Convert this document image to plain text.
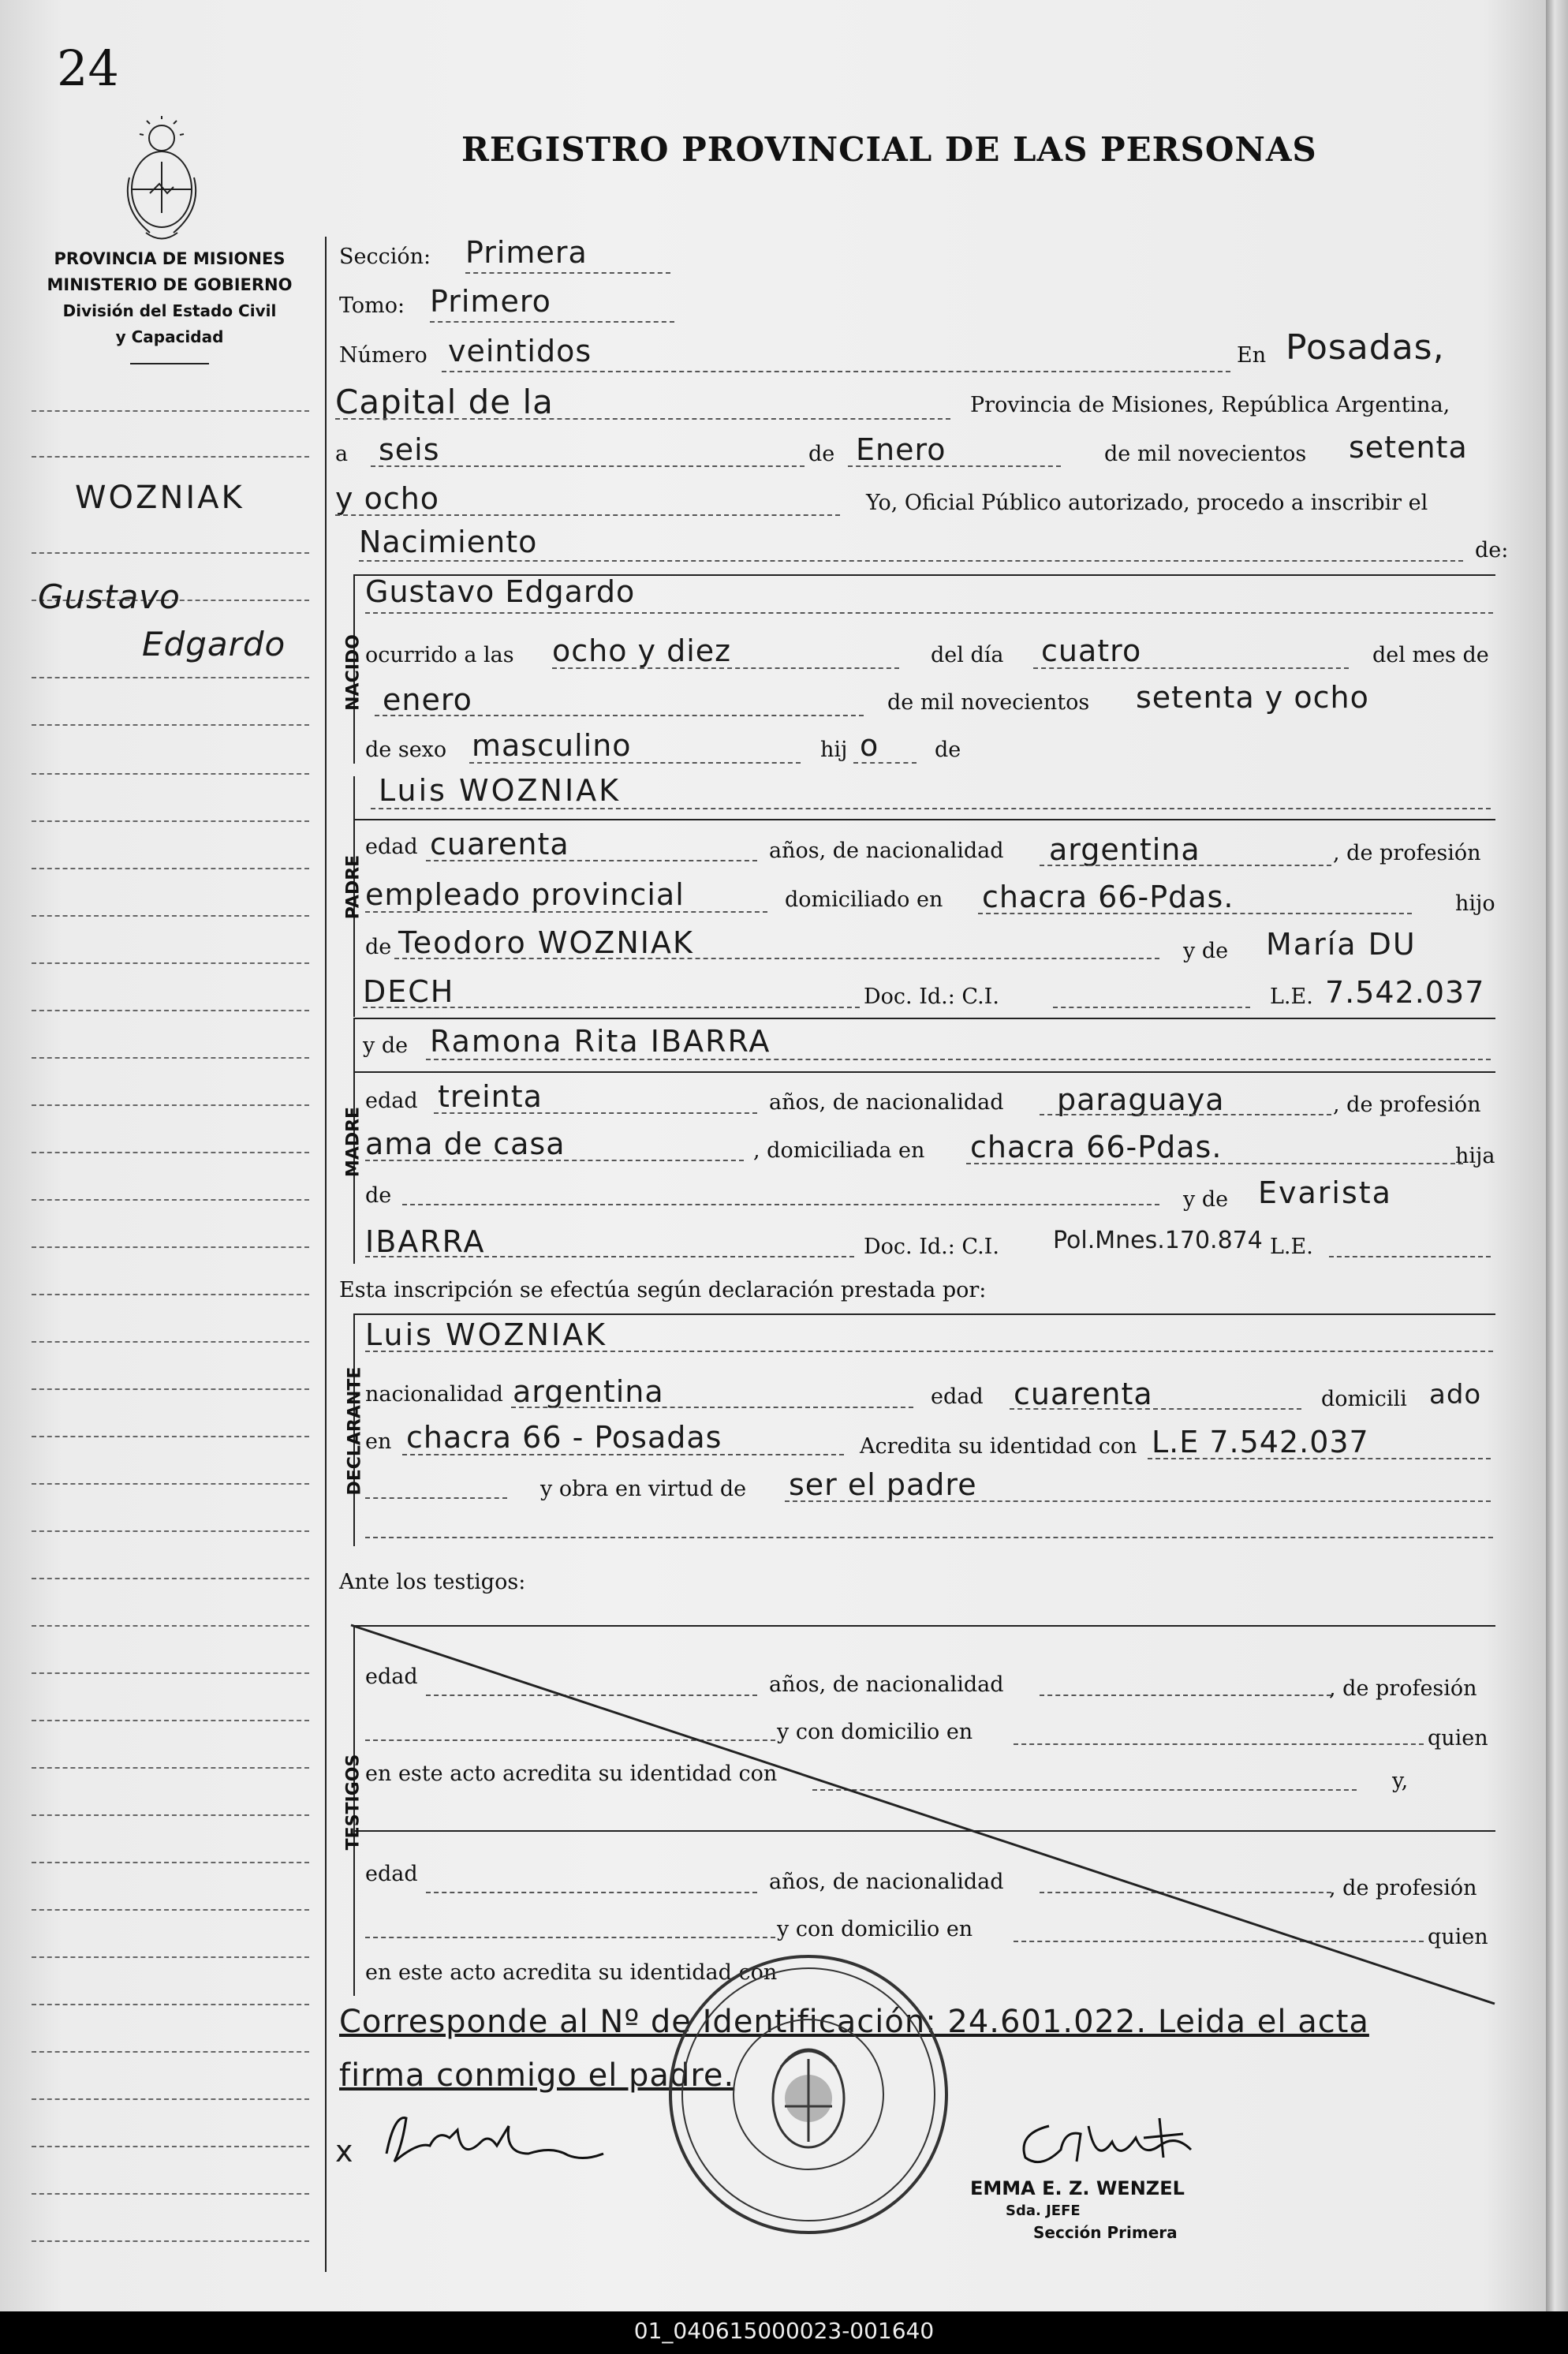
01_040615000023-001640
24
REGISTRO PROVINCIAL DE LAS PERSONAS
PROVINCIA DE MISIONES
MINISTERIO DE GOBIERNO
División del Estado Civil
y Capacidad
WOZNIAK
Gustavo
Edgardo
Sección: Primera
Tomo: Primero
Número veintidos	En Posadas,
Capital de la	Provincia de Misiones, República Argentina,
a seis	de Enero	de mil novecientos setenta
y ocho	Yo, Oficial Público autorizado, procedo a inscribir el
Nacimiento	de:
NACIDO
Gustavo Edgardo
ocurrido a las ocho y diez	del día cuatro	del mes de
enero	de mil novecientos setenta y ocho
de sexo masculino	hij o	de
PADRE
Luis WOZNIAK
edad cuarenta	años, de nacionalidad argentina	, de profesión
empleado provincial	domiciliado en chacra 66-Pdas.	hijo
de Teodoro WOZNIAK	y de María DU
DECH	Doc. Id.: C.I.	L.E. 7.542.037
MADRE
y de Ramona Rita IBARRA
edad treinta	años, de nacionalidad paraguaya	, de profesión
ama de casa	, domiciliada en chacra 66-Pdas.	hija
de	y de Evarista
IBARRA	Doc. Id.: C.I. Pol.Mnes.170.874 L.E.
Esta inscripción se efectúa según declaración prestada por:
DECLARANTE
Luis WOZNIAK
nacionalidad argentina	edad cuarenta	domicili ado
en chacra 66 - Posadas	Acredita su identidad con L.E 7.542.037
y obra en virtud de ser el padre
Ante los testigos:
TESTIGOS
edad	años, de nacionalidad	, de profesión
y con domicilio en	quien
en este acto acredita su identidad con	y,
edad	años, de nacionalidad	, de profesión
y con domicilio en	quien
en este acto acredita su identidad con
Corresponde al Nº de Identificación: 24.601.022. Leida el acta
firma conmigo el padre.
x
EMMA E. Z. WENZEL
Sda. JEFE
Sección Primera
